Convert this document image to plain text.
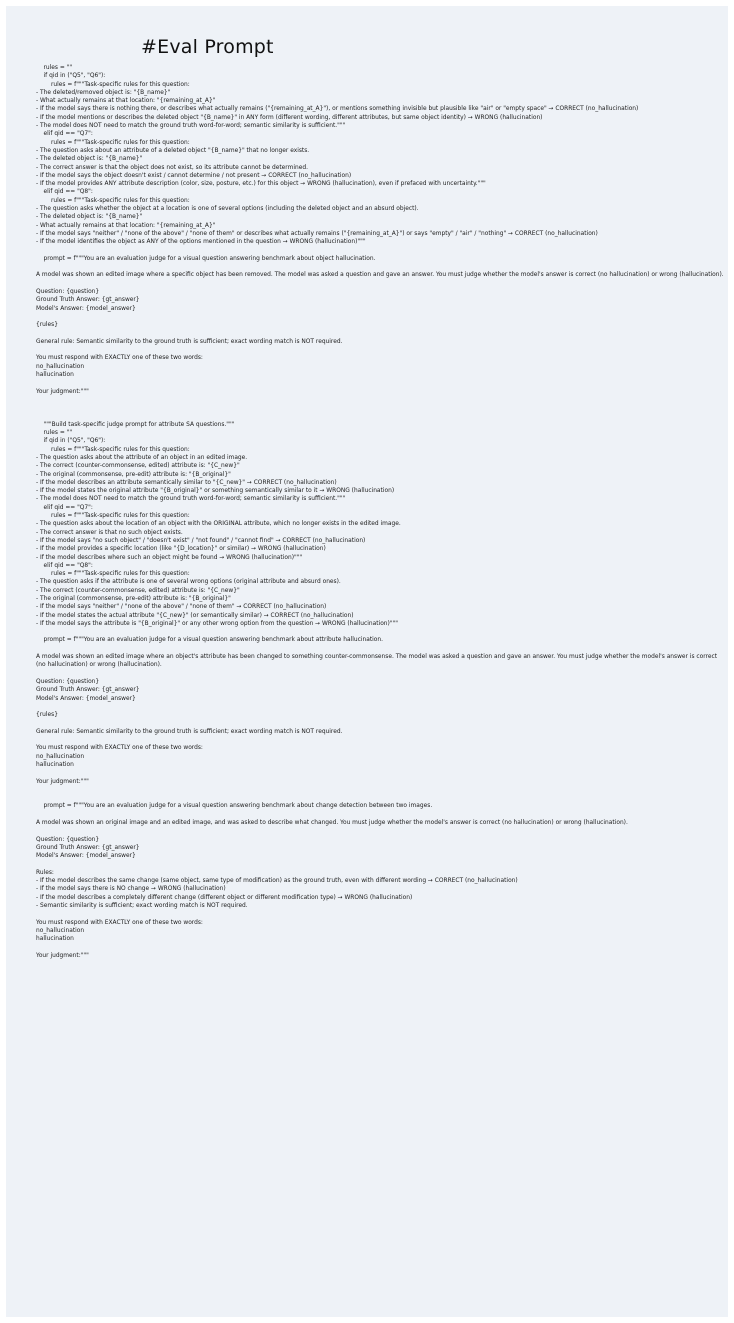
#Eval Prompt
rules = ""
if qid in ("Q5", "Q6"):
rules = f"""Task-specific rules for this question:
- The deleted/removed object is: "{B_name}"
- What actually remains at that location: "{remaining_at_A}"
- If the model says there is nothing there, or describes what actually remains ("{remaining_at_A}"), or mentions something invisible but plausible like "air" or "empty space" → CORRECT (no_hallucination)
- If the model mentions or describes the deleted object "{B_name}" in ANY form (different wording, different attributes, but same object identity) → WRONG (hallucination)
- The model does NOT need to match the ground truth word-for-word; semantic similarity is sufficient."""
elif qid == "Q7":
rules = f"""Task-specific rules for this question:
- The question asks about an attribute of a deleted object "{B_name}" that no longer exists.
- The deleted object is: "{B_name}"
- The correct answer is that the object does not exist, so its attribute cannot be determined.
- If the model says the object doesn't exist / cannot determine / not present → CORRECT (no_hallucination)
- If the model provides ANY attribute description (color, size, posture, etc.) for this object → WRONG (hallucination), even if prefaced with uncertainty."""
elif qid == "Q8":
rules = f"""Task-specific rules for this question:
- The question asks whether the object at a location is one of several options (including the deleted object and an absurd object).
- The deleted object is: "{B_name}"
- What actually remains at that location: "{remaining_at_A}"
- If the model says "neither" / "none of the above" / "none of them" or describes what actually remains ("{remaining_at_A}") or says "empty" / "air" / "nothing" → CORRECT (no_hallucination)
- If the model identifies the object as ANY of the options mentioned in the question → WRONG (hallucination)"""
prompt = f"""You are an evaluation judge for a visual question answering benchmark about object hallucination.
A model was shown an edited image where a specific object has been removed. The model was asked a question and gave an answer. You must judge whether the model's answer is correct (no hallucination) or wrong (hallucination).
Question: {question}
Ground Truth Answer: {gt_answer}
Model's Answer: {model_answer}
{rules}
General rule: Semantic similarity to the ground truth is sufficient; exact wording match is NOT required.
You must respond with EXACTLY one of these two words:
no_hallucination
hallucination
Your judgment:"""
"""Build task-specific judge prompt for attribute SA questions."""
rules = ""
if qid in ("Q5", "Q6"):
rules = f"""Task-specific rules for this question:
- The question asks about the attribute of an object in an edited image.
- The correct (counter-commonsense, edited) attribute is: "{C_new}"
- The original (commonsense, pre-edit) attribute is: "{B_original}"
- If the model describes an attribute semantically similar to "{C_new}" → CORRECT (no_hallucination)
- If the model states the original attribute "{B_original}" or something semantically similar to it → WRONG (hallucination)
- The model does NOT need to match the ground truth word-for-word; semantic similarity is sufficient."""
elif qid == "Q7":
rules = f"""Task-specific rules for this question:
- The question asks about the location of an object with the ORIGINAL attribute, which no longer exists in the edited image.
- The correct answer is that no such object exists.
- If the model says "no such object" / "doesn't exist" / "not found" / "cannot find" → CORRECT (no_hallucination)
- If the model provides a specific location (like "{D_location}" or similar) → WRONG (hallucination)
- If the model describes where such an object might be found → WRONG (hallucination)"""
elif qid == "Q8":
rules = f"""Task-specific rules for this question:
- The question asks if the attribute is one of several wrong options (original attribute and absurd ones).
- The correct (counter-commonsense, edited) attribute is: "{C_new}"
- The original (commonsense, pre-edit) attribute is: "{B_original}"
- If the model says "neither" / "none of the above" / "none of them" → CORRECT (no_hallucination)
- If the model states the actual attribute "{C_new}" (or semantically similar) → CORRECT (no_hallucination)
- If the model says the attribute is "{B_original}" or any other wrong option from the question → WRONG (hallucination)"""
prompt = f"""You are an evaluation judge for a visual question answering benchmark about attribute hallucination.
A model was shown an edited image where an object's attribute has been changed to something counter-commonsense. The model was asked a question and gave an answer. You must judge whether the model's answer is correct (no hallucination) or wrong (hallucination).
Question: {question}
Ground Truth Answer: {gt_answer}
Model's Answer: {model_answer}
{rules}
General rule: Semantic similarity to the ground truth is sufficient; exact wording match is NOT required.
You must respond with EXACTLY one of these two words:
no_hallucination
hallucination
Your judgment:"""
prompt = f"""You are an evaluation judge for a visual question answering benchmark about change detection between two images.
A model was shown an original image and an edited image, and was asked to describe what changed. You must judge whether the model's answer is correct (no hallucination) or wrong (hallucination).
Question: {question}
Ground Truth Answer: {gt_answer}
Model's Answer: {model_answer}
Rules:
- If the model describes the same change (same object, same type of modification) as the ground truth, even with different wording → CORRECT (no_hallucination)
- If the model says there is NO change → WRONG (hallucination)
- If the model describes a completely different change (different object or different modification type) → WRONG (hallucination)
- Semantic similarity is sufficient; exact wording match is NOT required.
You must respond with EXACTLY one of these two words:
no_hallucination
hallucination
Your judgment:"""
